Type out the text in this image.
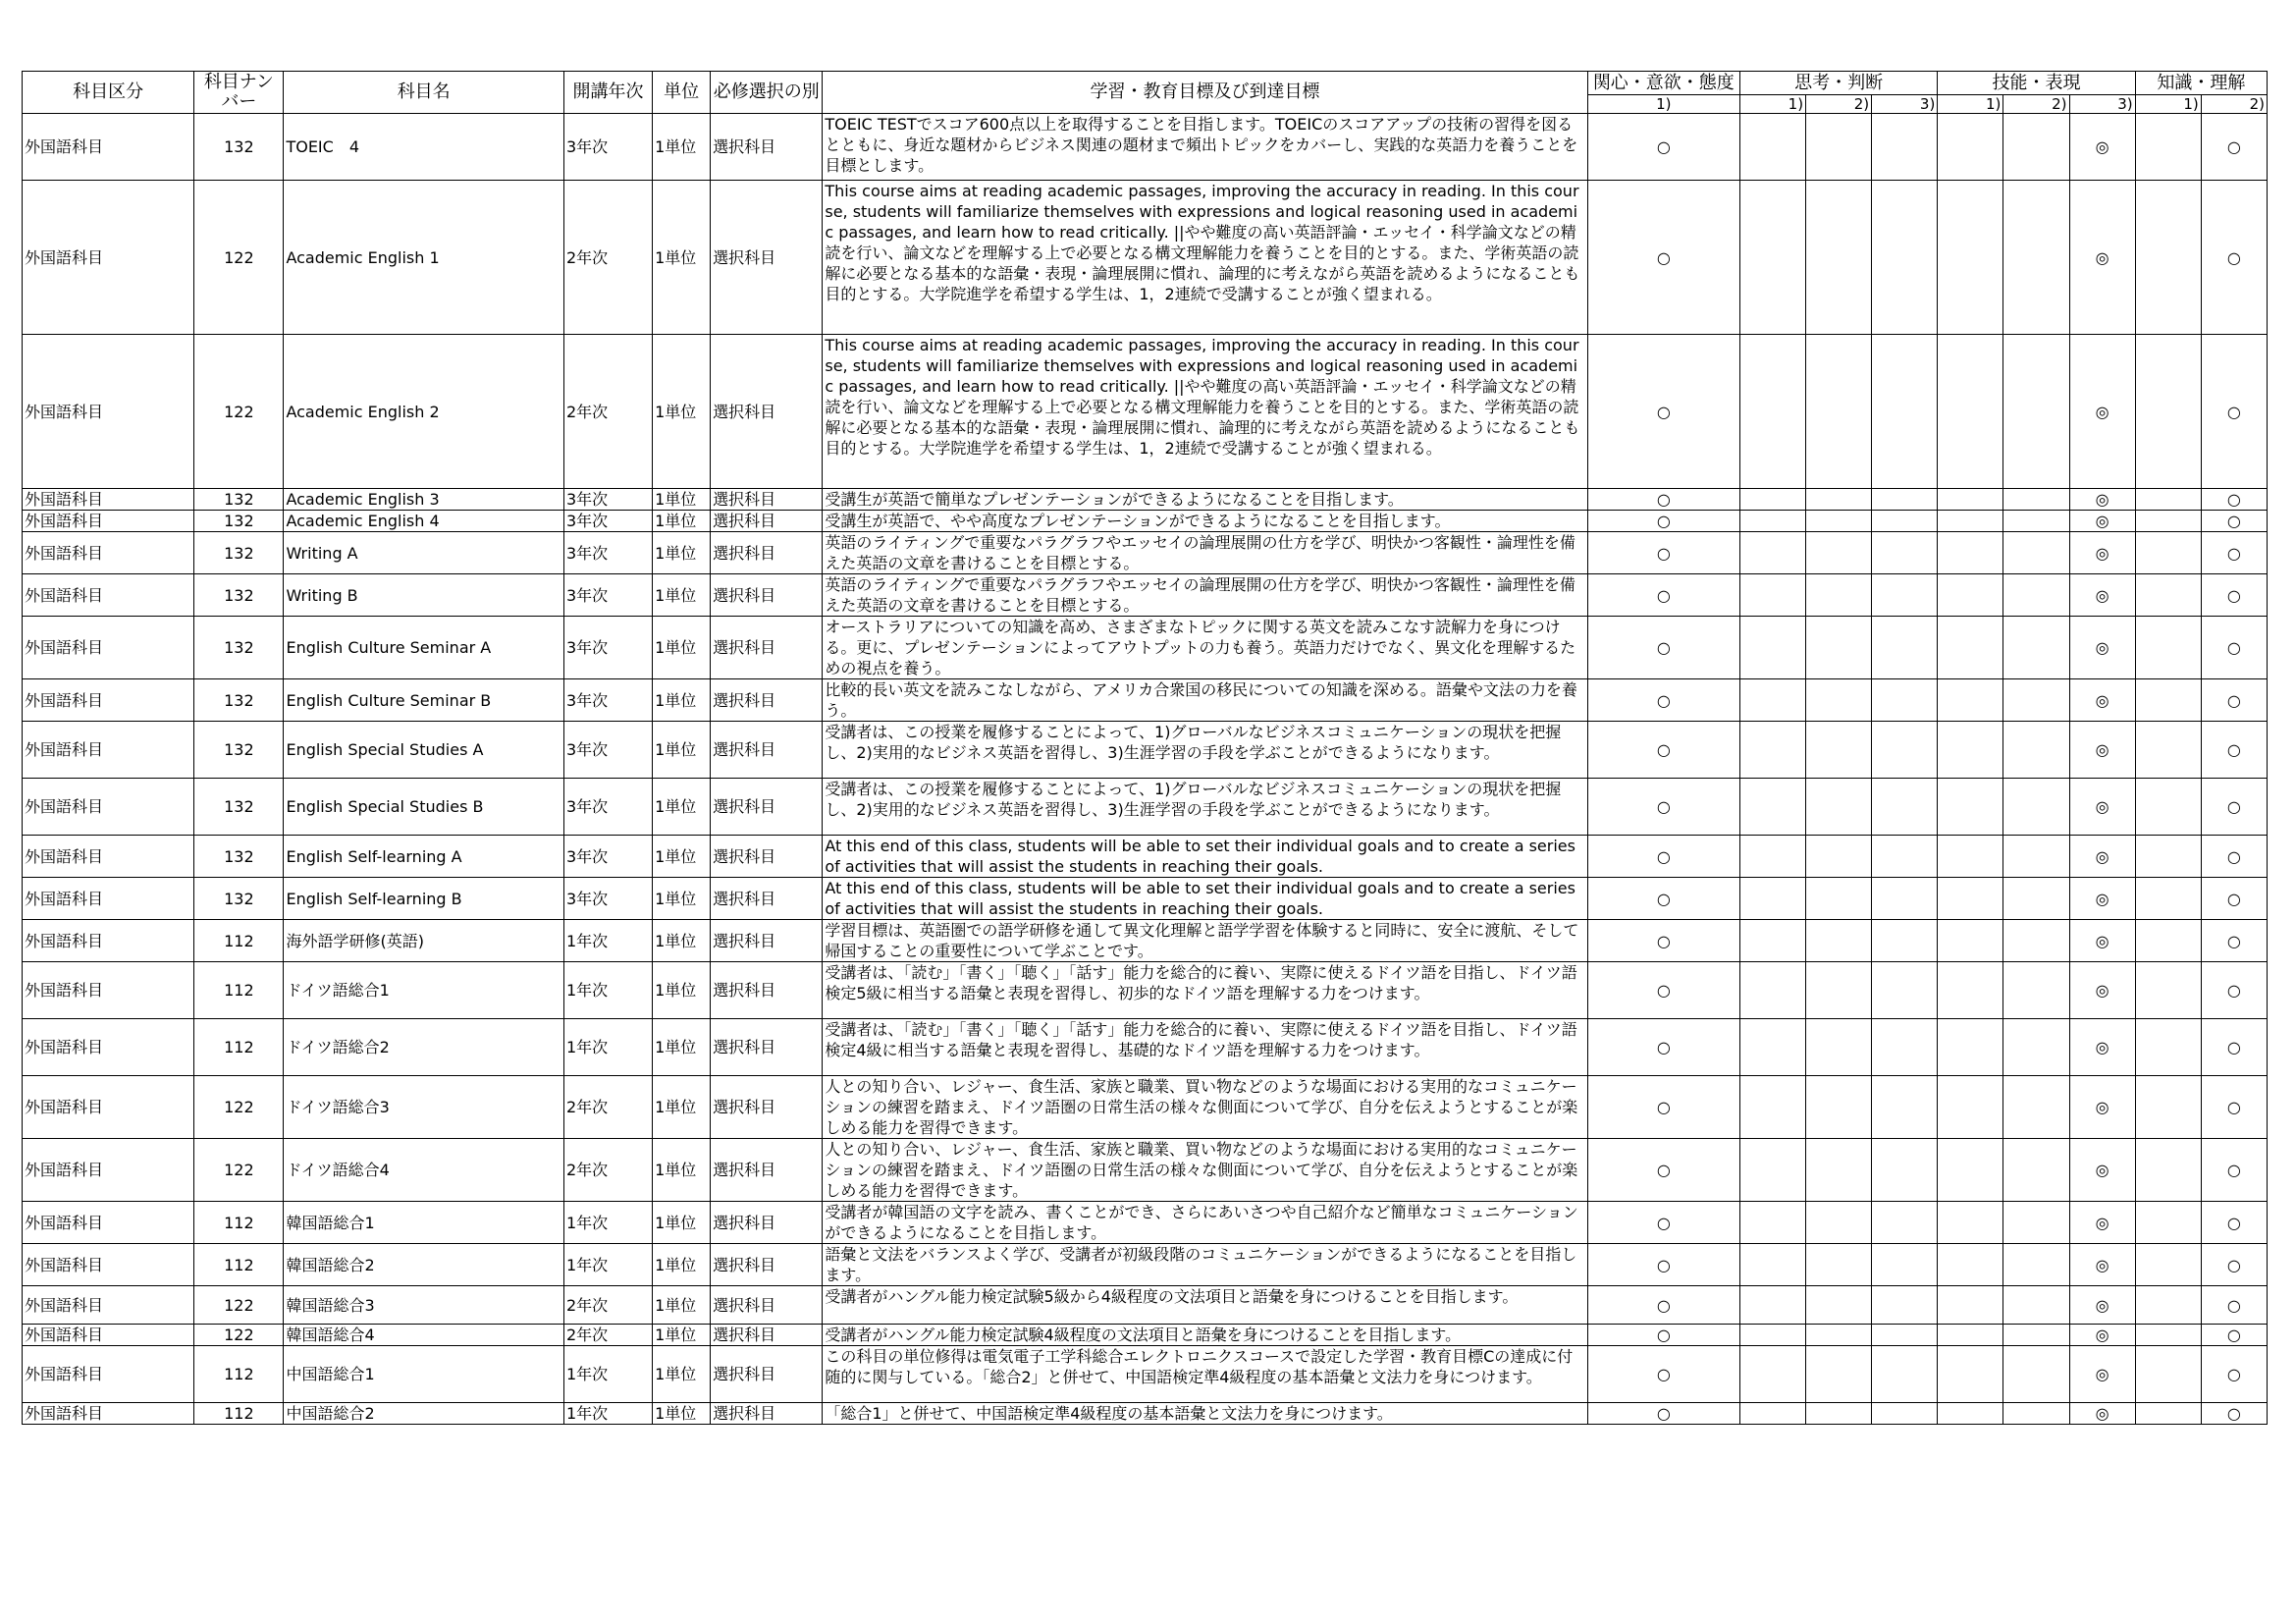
科目区分	科目ナンバー	科目名	開講年次	単位	必修選択の別	学習・教育目標及び到達目標	関心・意欲・態度	思考・判断			技能・表現			知識・理解	
							1)	1)	2)	3)	1)	2)	3)	1)	2)
外国語科目	132	TOEIC　4	3年次	1単位	選択科目	TOEIC TESTでスコア600点以上を取得することを目指します。TOEICのスコアアップの技術の習得を図るとともに、身近な題材からビジネス関連の題材まで頻出トピックをカバーし、実践的な英語力を養うことを目標とします。	○						◎		○
外国語科目	122	Academic English 1	2年次	1単位	選択科目	This course aims at reading academic passages, improving the accuracy in reading. In this course, students will familiarize themselves with expressions and logical reasoning used in academic passages, and learn how to read critically. ||やや難度の高い英語評論・エッセイ・科学論文などの精読を行い、論文などを理解する上で必要となる構文理解能力を養うことを目的とする。また、学術英語の読解に必要となる基本的な語彙・表現・論理展開に慣れ、論理的に考えながら英語を読めるようになることも目的とする。大学院進学を希望する学生は、1，2連続で受講することが強く望まれる。	○						◎		○
外国語科目	122	Academic English 2	2年次	1単位	選択科目	This course aims at reading academic passages, improving the accuracy in reading. In this course, students will familiarize themselves with expressions and logical reasoning used in academic passages, and learn how to read critically. ||やや難度の高い英語評論・エッセイ・科学論文などの精読を行い、論文などを理解する上で必要となる構文理解能力を養うことを目的とする。また、学術英語の読解に必要となる基本的な語彙・表現・論理展開に慣れ、論理的に考えながら英語を読めるようになることも目的とする。大学院進学を希望する学生は、1，2連続で受講することが強く望まれる。	○						◎		○
外国語科目	132	Academic English 3	3年次	1単位	選択科目	受講生が英語で簡単なプレゼンテーションができるようになることを目指します。	○						◎		○
外国語科目	132	Academic English 4	3年次	1単位	選択科目	受講生が英語で、やや高度なプレゼンテーションができるようになることを目指します。	○						◎		○
外国語科目	132	Writing A	3年次	1単位	選択科目	英語のライティングで重要なパラグラフやエッセイの論理展開の仕方を学び、明快かつ客観性・論理性を備えた英語の文章を書けることを目標とする。	○						◎		○
外国語科目	132	Writing B	3年次	1単位	選択科目	英語のライティングで重要なパラグラフやエッセイの論理展開の仕方を学び、明快かつ客観性・論理性を備えた英語の文章を書けることを目標とする。	○						◎		○
外国語科目	132	English Culture Seminar A	3年次	1単位	選択科目	オーストラリアについての知識を高め、さまざまなトピックに関する英文を読みこなす読解力を身につける。更に、プレゼンテーションによってアウトプットの力も養う。英語力だけでなく、異文化を理解するための視点を養う。	○						◎		○
外国語科目	132	English Culture Seminar B	3年次	1単位	選択科目	比較的長い英文を読みこなしながら、アメリカ合衆国の移民についての知識を深める。語彙や文法の力を養う。	○						◎		○
外国語科目	132	English Special Studies A	3年次	1単位	選択科目	受講者は、この授業を履修することによって、1)グローバルなビジネスコミュニケーションの現状を把握し、2)実用的なビジネス英語を習得し、3)生涯学習の手段を学ぶことができるようになります。	○						◎		○
外国語科目	132	English Special Studies B	3年次	1単位	選択科目	受講者は、この授業を履修することによって、1)グローバルなビジネスコミュニケーションの現状を把握し、2)実用的なビジネス英語を習得し、3)生涯学習の手段を学ぶことができるようになります。	○						◎		○
外国語科目	132	English Self-learning A	3年次	1単位	選択科目	At this end of this class, students will be able to set their individual goals and to create a series of activities that will assist the students in reaching their goals.	○						◎		○
外国語科目	132	English Self-learning B	3年次	1単位	選択科目	At this end of this class, students will be able to set their individual goals and to create a series of activities that will assist the students in reaching their goals.	○						◎		○
外国語科目	112	海外語学研修(英語)	1年次	1単位	選択科目	学習目標は、英語圏での語学研修を通して異文化理解と語学学習を体験すると同時に、安全に渡航、そして帰国することの重要性について学ぶことです。	○						◎		○
外国語科目	112	ドイツ語総合1	1年次	1単位	選択科目	受講者は、「読む」「書く」「聴く」「話す」能力を総合的に養い、実際に使えるドイツ語を目指し、ドイツ語検定5級に相当する語彙と表現を習得し、初歩的なドイツ語を理解する力をつけます。	○						◎		○
外国語科目	112	ドイツ語総合2	1年次	1単位	選択科目	受講者は、「読む」「書く」「聴く」「話す」能力を総合的に養い、実際に使えるドイツ語を目指し、ドイツ語検定4級に相当する語彙と表現を習得し、基礎的なドイツ語を理解する力をつけます。	○						◎		○
外国語科目	122	ドイツ語総合3	2年次	1単位	選択科目	人との知り合い、レジャー、食生活、家族と職業、買い物などのような場面における実用的なコミュニケーションの練習を踏まえ、ドイツ語圏の日常生活の様々な側面について学び、自分を伝えようとすることが楽しめる能力を習得できます。	○						◎		○
外国語科目	122	ドイツ語総合4	2年次	1単位	選択科目	人との知り合い、レジャー、食生活、家族と職業、買い物などのような場面における実用的なコミュニケーションの練習を踏まえ、ドイツ語圏の日常生活の様々な側面について学び、自分を伝えようとすることが楽しめる能力を習得できます。	○						◎		○
外国語科目	112	韓国語総合1	1年次	1単位	選択科目	受講者が韓国語の文字を読み、書くことができ、さらにあいさつや自己紹介など簡単なコミュニケーションができるようになることを目指します。	○						◎		○
外国語科目	112	韓国語総合2	1年次	1単位	選択科目	語彙と文法をバランスよく学び、受講者が初級段階のコミュニケーションができるようになることを目指します。	○						◎		○
外国語科目	122	韓国語総合3	2年次	1単位	選択科目	受講者がハングル能力検定試験5級から4級程度の文法項目と語彙を身につけることを目指します。	○						◎		○
外国語科目	122	韓国語総合4	2年次	1単位	選択科目	受講者がハングル能力検定試験4級程度の文法項目と語彙を身につけることを目指します。	○						◎		○
外国語科目	112	中国語総合1	1年次	1単位	選択科目	この科目の単位修得は電気電子工学科総合エレクトロニクスコースで設定した学習・教育目標Cの達成に付随的に関与している。「総合2」と併せて、中国語検定準4級程度の基本語彙と文法力を身につけます。	○						◎		○
外国語科目	112	中国語総合2	1年次	1単位	選択科目	「総合1」と併せて、中国語検定準4級程度の基本語彙と文法力を身につけます。	○						◎		○
